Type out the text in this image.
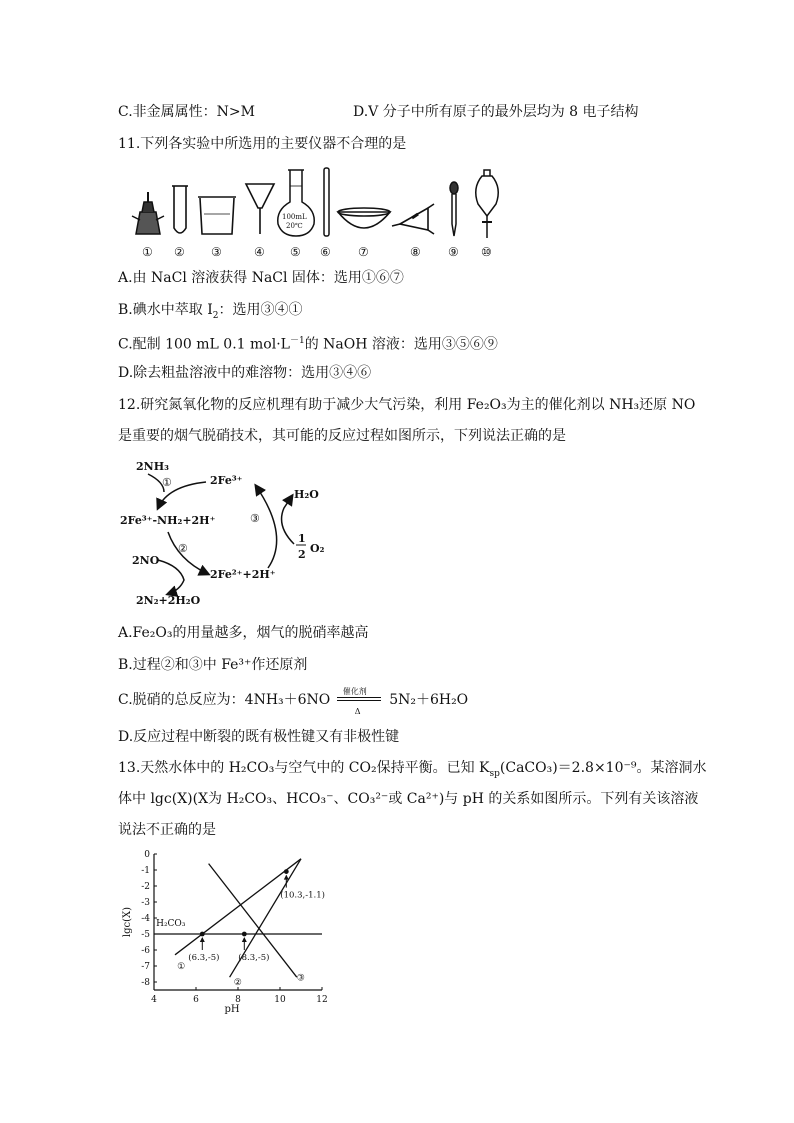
C.非金属属性：N>M	D.V 分子中所有原子的最外层均为 8 电子结构
11.下列各实验中所选用的主要仪器不合理的是
100mL
20℃
① ② ③	④ ⑤ ⑥ ⑦	⑧ ⑨ ⑩
A.由 NaCl 溶液获得 NaCl 固体：选用①⑥⑦
B.碘水中萃取 $I_2$：选用③④①
C.配制 100 mL 0.1 $mol\cdot L^{-1}$的 NaOH 溶液：选用③⑤⑥⑨
D.除去粗盐溶液中的难溶物：选用③④⑥
12.研究氮氧化物的反应机理有助于减少大气污染，利用 Fe₂O₃为主的催化剂以 NH₃还原 NO
是重要的烟气脱硝技术，其可能的反应过程如图所示，下列说法正确的是
2NH₃
①	2Fe³⁺
2Fe³⁺-NH₂+2H⁺
②
2NO
2Fe²⁺+2H⁺
2N₂+2H₂O
③
H₂O
1
2 O₂
A.Fe₂O₃的用量越多，烟气的脱硝率越高
B.过程②和③中 Fe³⁺作还原剂
C.脱硝的总反应为：4NH₃＋6NO
催化剂
Δ
5N₂＋6H₂O
D.反应过程中断裂的既有极性键又有非极性键
13.天然水体中的 H₂CO₃与空气中的 CO₂保持平衡。已知 $K_{sp}(CaCO_3)=2.8\times 10^{-9}$。某溶洞水
体中 lgc(X)(X为 H₂CO₃、HCO₃⁻、CO₃²⁻或 Ca²⁺)与 pH 的关系如图所示。下列有关该溶液
说法不正确的是
0
-1
-2
-3
-4
-5
-6
-7
-8
4	6	8	10	12
pH
lgc(X)	H₂CO₃
①
②	③
(6.3,-5) (8.3,-5)
(10.3,-1.1)
